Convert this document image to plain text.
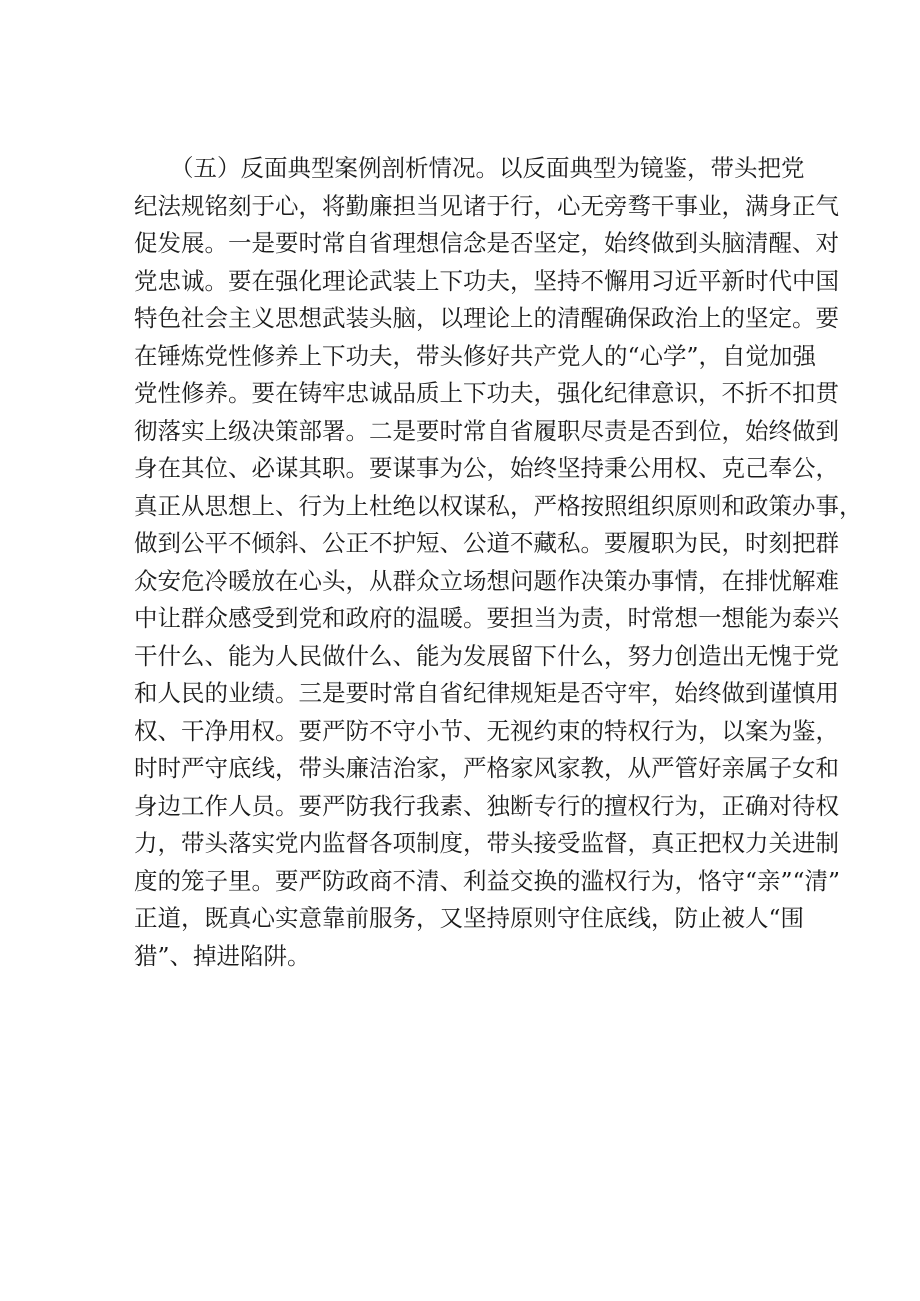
（五）反面典型案例剖析情况。以反面典型为镜鉴，带头把党
纪法规铭刻于心，将勤廉担当见诸于行，心无旁骛干事业，满身正气
促发展。一是要时常自省理想信念是否坚定，始终做到头脑清醒、对
党忠诚。要在强化理论武装上下功夫，坚持不懈用习近平新时代中国
特色社会主义思想武装头脑，以理论上的清醒确保政治上的坚定。要
在锤炼党性修养上下功夫，带头修好共产党人的“心学”，自觉加强
党性修养。要在铸牢忠诚品质上下功夫，强化纪律意识，不折不扣贯
彻落实上级决策部署。二是要时常自省履职尽责是否到位，始终做到
身在其位、必谋其职。要谋事为公，始终坚持秉公用权、克己奉公，
真正从思想上、行为上杜绝以权谋私，严格按照组织原则和政策办事，
做到公平不倾斜、公正不护短、公道不藏私。要履职为民，时刻把群
众安危冷暖放在心头，从群众立场想问题作决策办事情，在排忧解难
中让群众感受到党和政府的温暖。要担当为责，时常想一想能为泰兴
干什么、能为人民做什么、能为发展留下什么，努力创造出无愧于党
和人民的业绩。三是要时常自省纪律规矩是否守牢，始终做到谨慎用
权、干净用权。要严防不守小节、无视约束的特权行为，以案为鉴，
时时严守底线，带头廉洁治家，严格家风家教，从严管好亲属子女和
身边工作人员。要严防我行我素、独断专行的擅权行为，正确对待权
力，带头落实党内监督各项制度，带头接受监督，真正把权力关进制
度的笼子里。要严防政商不清、利益交换的滥权行为，恪守“亲”“清”
正道，既真心实意靠前服务，又坚持原则守住底线，防止被人“围
猎”、掉进陷阱。
